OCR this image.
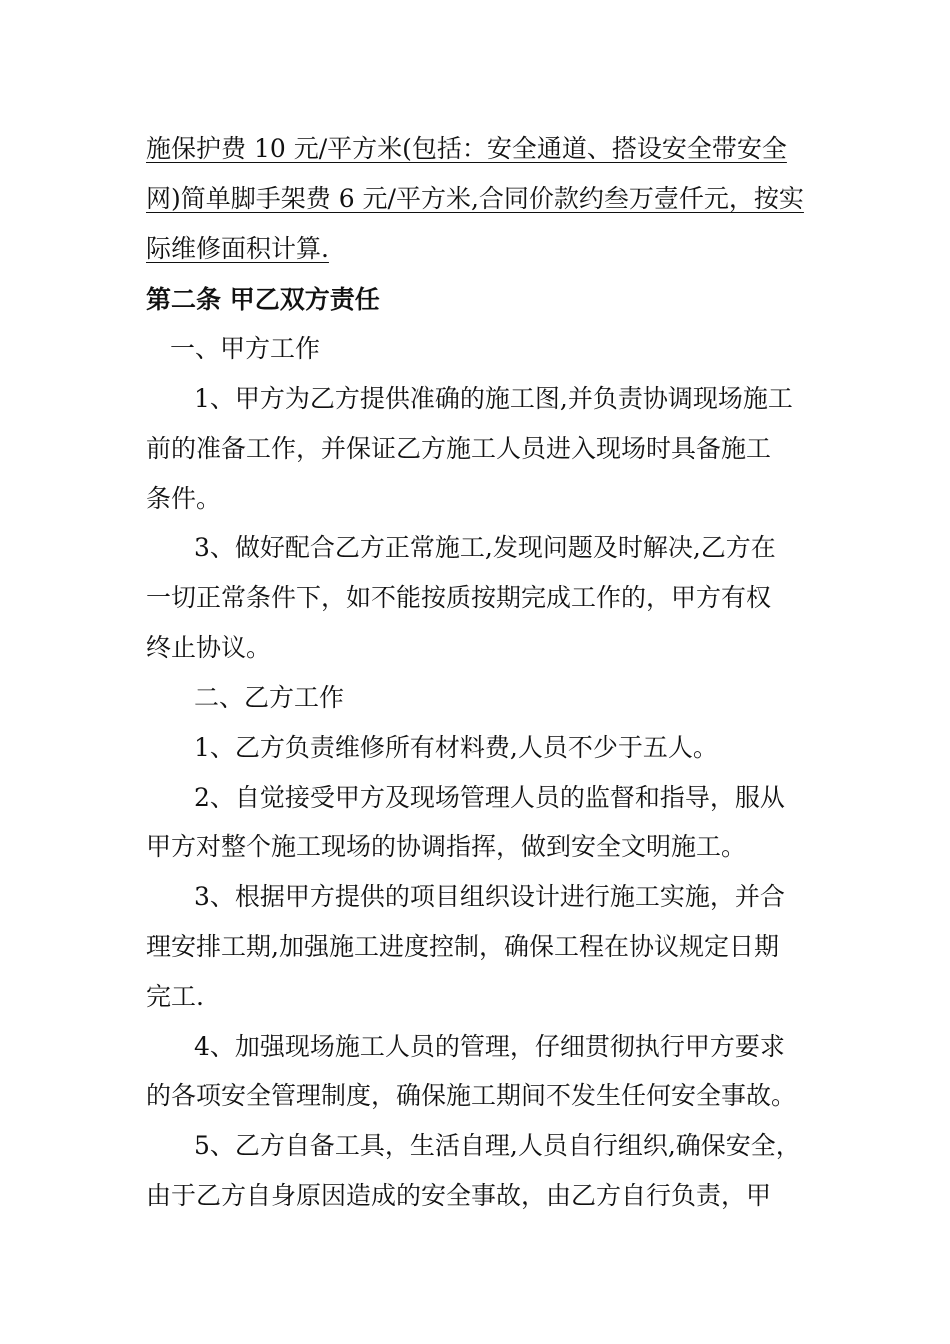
施保护费 10 元/平方米(包括：安全通道、搭设安全带安全

网)简单脚手架费 6 元/平方米,合同价款约叁万壹仟元，按实

际维修面积计算.

第二条 甲乙双方责任

一、甲方工作

1、甲方为乙方提供准确的施工图,并负责协调现场施工

前的准备工作，并保证乙方施工人员进入现场时具备施工

条件。

3、做好配合乙方正常施工,发现问题及时解决,乙方在

一切正常条件下，如不能按质按期完成工作的，甲方有权

终止协议。

二、乙方工作

1、乙方负责维修所有材料费,人员不少于五人。

2、自觉接受甲方及现场管理人员的监督和指导，服从

甲方对整个施工现场的协调指挥，做到安全文明施工。

3、根据甲方提供的项目组织设计进行施工实施，并合

理安排工期,加强施工进度控制，确保工程在协议规定日期

完工.

4、加强现场施工人员的管理，仔细贯彻执行甲方要求

的各项安全管理制度，确保施工期间不发生任何安全事故。

5、乙方自备工具，生活自理,人员自行组织,确保安全，

由于乙方自身原因造成的安全事故，由乙方自行负责，甲
